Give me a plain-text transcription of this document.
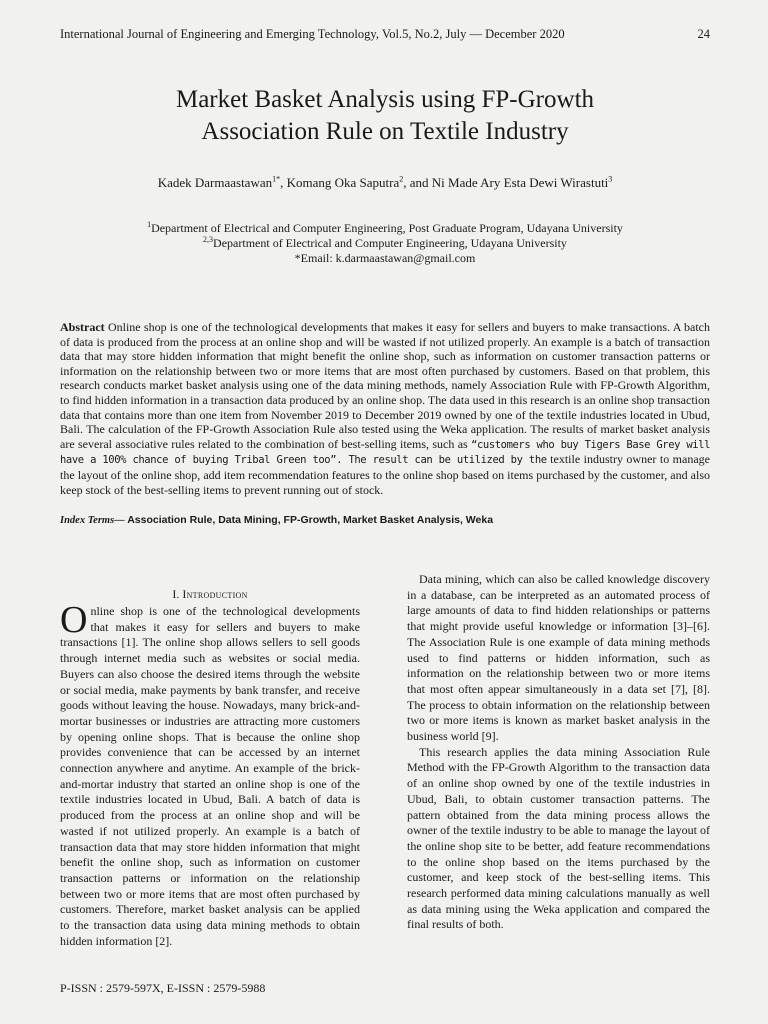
International Journal of Engineering and Emerging Technology, Vol.5, No.2, July — December 2020	24
Market Basket Analysis using FP-Growth
Association Rule on Textile Industry
Kadek Darmaastawan$^{1*}$, Komang Oka Saputra$^2$, and Ni Made Ary Esta Dewi Wirastuti$^3$
$^1$Department of Electrical and Computer Engineering, Post Graduate Program, Udayana University
$^{2,3}$Department of Electrical and Computer Engineering, Udayana University
*Email: k.darmaastawan@gmail.com
Abstract Online shop is one of the technological developments that makes it easy for sellers and buyers to make transactions. A batch of data is produced from the process at an online shop and will be wasted if not utilized properly. An example is a batch of transaction data that may store hidden information that might benefit the online shop, such as information on customer transaction patterns or information on the relationship between two or more items that are most often purchased by customers. Based on that problem, this research conducts market basket analysis using one of the data mining methods, namely Association Rule with FP-Growth Algorithm, to find hidden information in a transaction data produced by an online shop. The data used in this research is an online shop transaction data that contains more than one item from November 2019 to December 2019 owned by one of the textile industries located in Ubud, Bali. The calculation of the FP-Growth Association Rule also tested using the Weka application. The results of market basket analysis are several associative rules related to the combination of best-selling items, such as “customers who buy Tigers Base Grey will have a 100% chance of buying Tribal Green too”. The result can be utilized by the textile industry owner to manage the layout of the online shop, add item recommendation features to the online shop based on items purchased by the customer, and also keep stock of the best-selling items to prevent running out of stock.
Index Terms— Association Rule, Data Mining, FP-Growth, Market Basket Analysis, Weka
I. Introduction

Online shop is one of the technological developments that makes it easy for sellers and buyers to make transactions [1]. The online shop allows sellers to sell goods through internet media such as websites or social media. Buyers can also choose the desired items through the website or social media, make payments by bank transfer, and receive goods without leaving the house. Nowadays, many brick-and-mortar businesses or industries are attracting more customers by opening online shops. That is because the online shop provides convenience that can be accessed by an internet connection anywhere and anytime. An example of the brick-and-mortar industry that started an online shop is one of the textile industries located in Ubud, Bali. A batch of data is produced from the process at an online shop and will be wasted if not utilized properly. An example is a batch of transaction data that may store hidden information that might benefit the online shop, such as information on customer transaction patterns or information on the relationship between two or more items that are most often purchased by customers. Therefore, market basket analysis can be applied to the transaction data using data mining methods to obtain hidden information [2].

Data mining, which can also be called knowledge discovery in a database, can be interpreted as an automated process of large amounts of data to find hidden relationships or patterns that might provide useful knowledge or information [3]–[6]. The Association Rule is one example of data mining methods used to find patterns or hidden information, such as information on the relationship between two or more items that most often appear simultaneously in a data set [7], [8]. The process to obtain information on the relationship between two or more items is known as market basket analysis in the business world [9].

This research applies the data mining Association Rule Method with the FP-Growth Algorithm to the transaction data of an online shop owned by one of the textile industries in Ubud, Bali, to obtain customer transaction patterns. The pattern obtained from the data mining process allows the owner of the textile industry to be able to manage the layout of the online shop site to be better, add feature recommendations to the online shop based on the items purchased by the customer, and keep stock of the best-selling items. This research performed data mining calculations manually as well as data mining using the Weka application and compared the final results of both.

P-ISSN : 2579-597X, E-ISSN : 2579-5988
